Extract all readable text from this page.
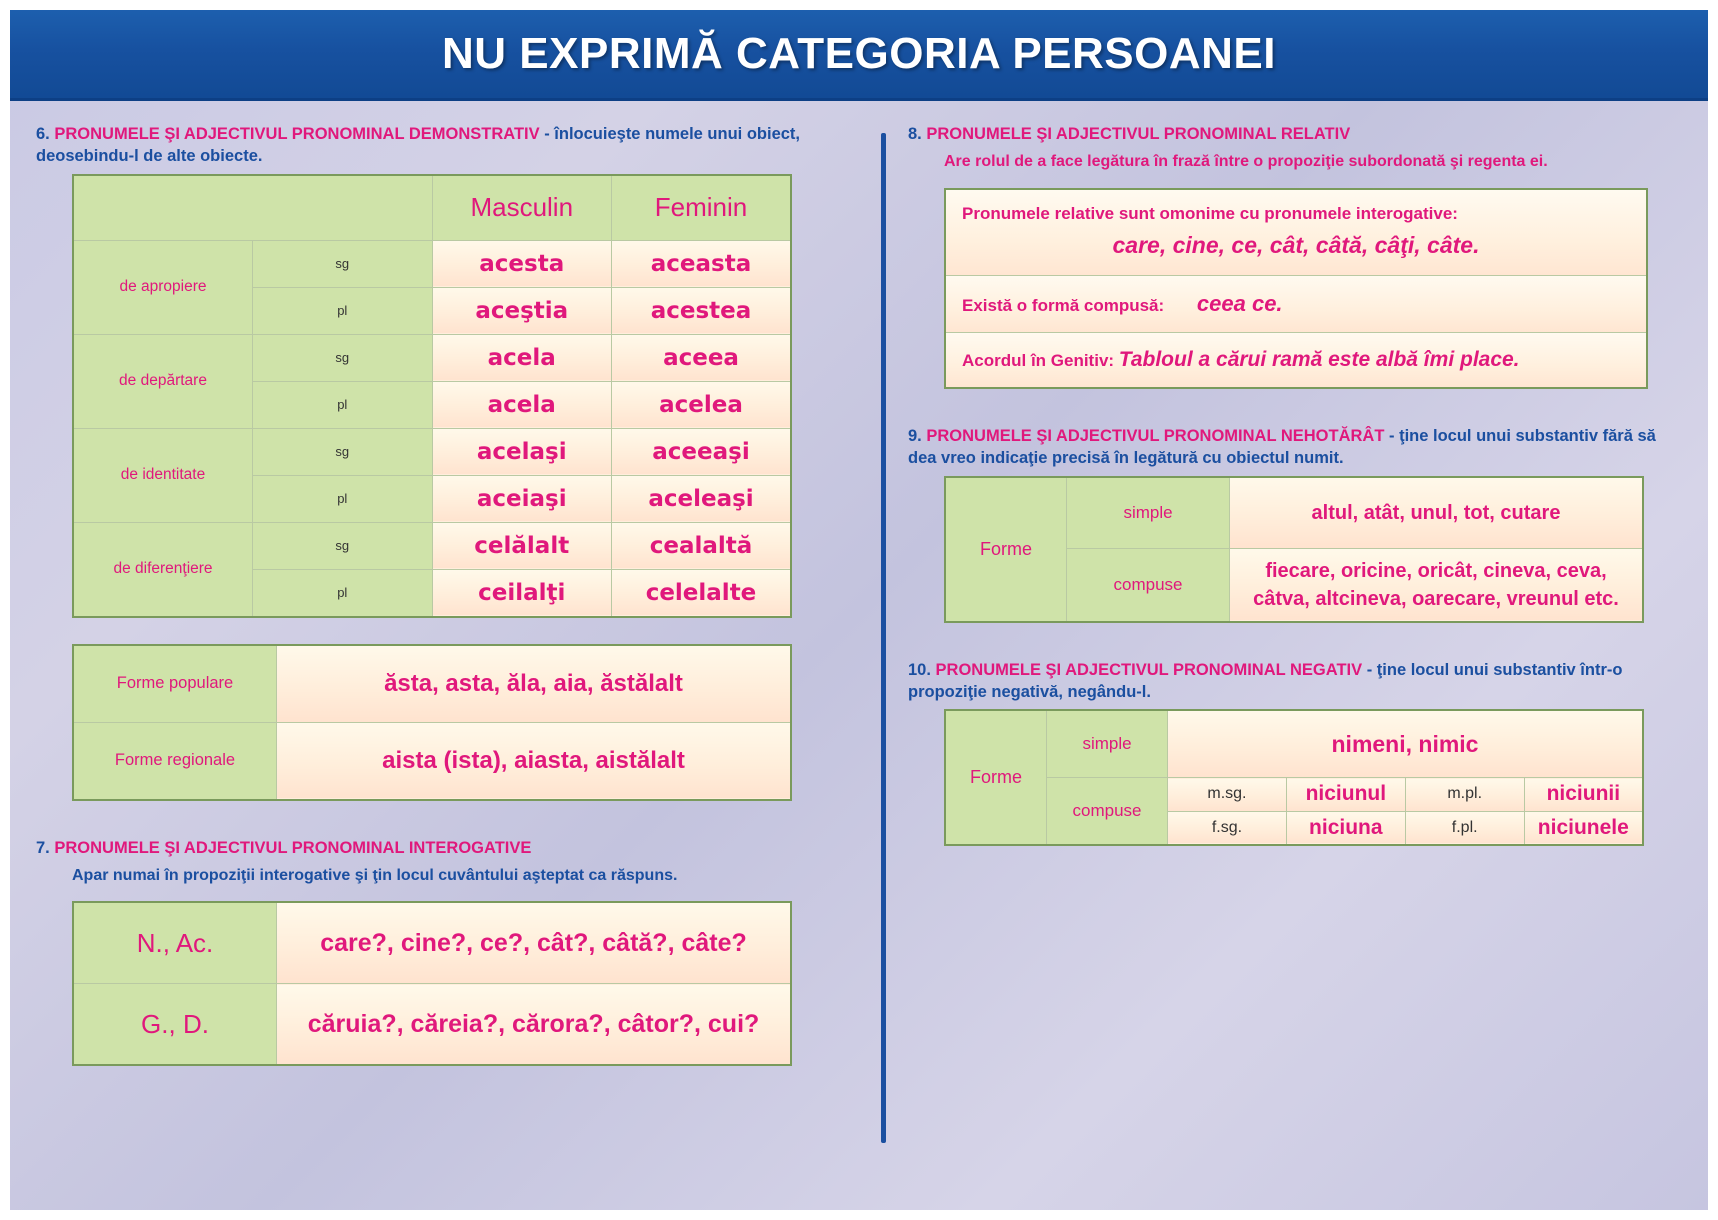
NU EXPRIMĂ CATEGORIA PERSOANEI
6. PRONUMELE ŞI ADJECTIVUL PRONOMINAL DEMONSTRATIV - înlocuieşte numele unui obiect, deosebindu-l de alte obiecte.
		Masculin	Feminin
de apropiere	sg	acesta	aceasta
	pl	aceştia	acestea
de depărtare	sg	acela	aceea
	pl	acela	acelea
de identitate	sg	acelaşi	aceeaşi
	pl	aceiaşi	aceleaşi
de diferenţiere	sg	celălalt	cealaltă
	pl	ceilalţi	celelalte
Forme populare	ăsta, asta, ăla, aia, ăstălalt
Forme regionale	aista (ista), aiasta, aistălalt
7. PRONUMELE ŞI ADJECTIVUL PRONOMINAL INTEROGATIVE
Apar numai în propoziţii interogative şi ţin locul cuvântului aşteptat ca răspuns.
N., Ac.	care?, cine?, ce?, cât?, câtă?, câte?
G., D.	căruia?, căreia?, cărora?, câtor?, cui?
8. PRONUMELE ŞI ADJECTIVUL PRONOMINAL RELATIV
Are rolul de a face legătura în frază între o propoziţie subordonată şi regenta ei.
Pronumele relative sunt omonime cu pronumele interogative:
care, cine, ce, cât, câtă, câţi, câte.
Există o formă compusă: ceea ce.
Acordul în Genitiv: Tabloul a cărui ramă este albă îmi place.
9. PRONUMELE ŞI ADJECTIVUL PRONOMINAL NEHOTĂRÂT - ţine locul unui substantiv fără să dea vreo indicaţie precisă în legătură cu obiectul numit.
Forme	simple	altul, atât, unul, tot, cutare
	compuse	fiecare, oricine, oricât, cineva, ceva, câtva, altcineva, oarecare, vreunul etc.
10. PRONUMELE ŞI ADJECTIVUL PRONOMINAL NEGATIV - ţine locul unui substantiv într-o propoziţie negativă, negându-l.
Forme	simple	nimeni, nimic			
	compuse	m.sg.	niciunul	m.pl.	niciunii
		f.sg.	niciuna	f.pl.	niciunele
